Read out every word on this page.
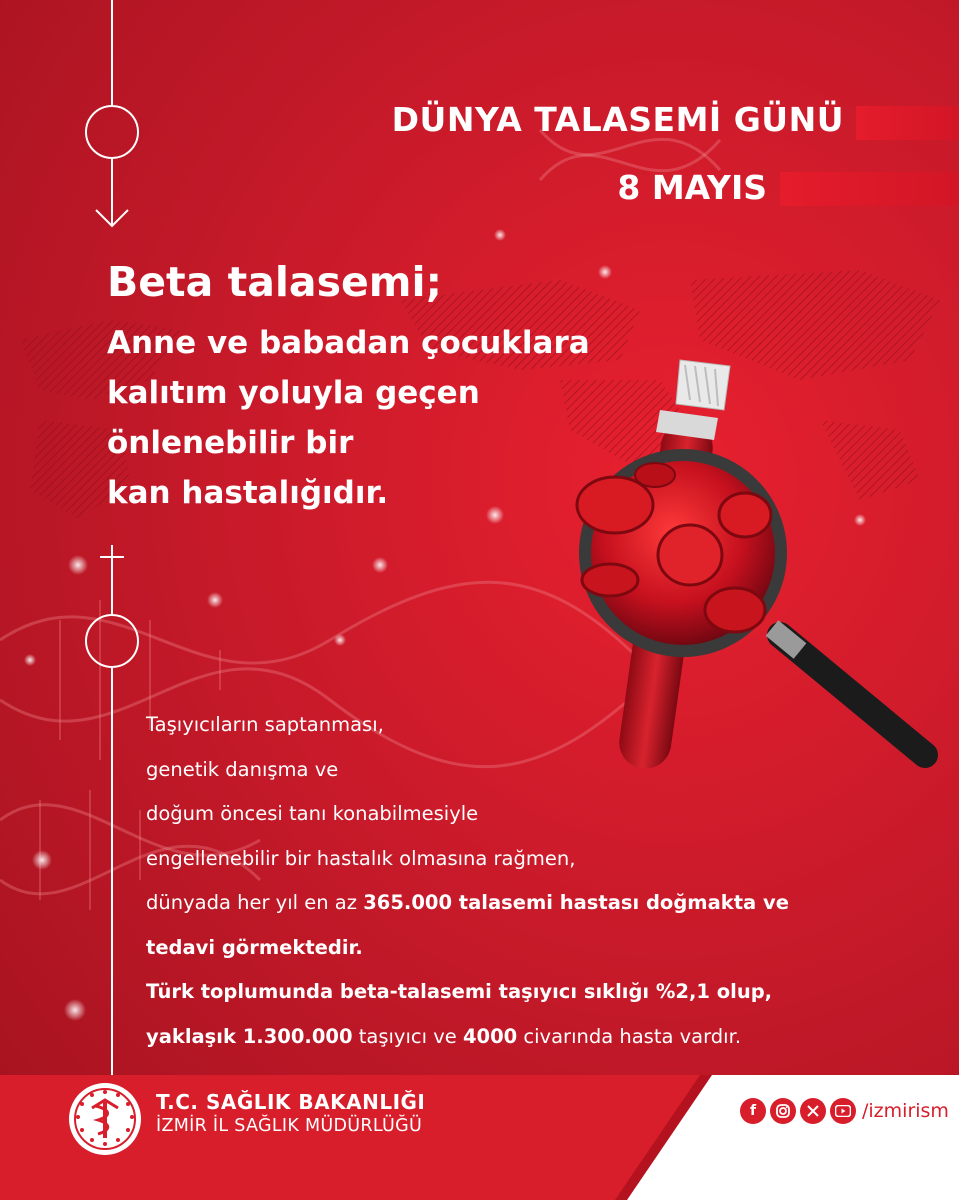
DÜNYA TALASEMİ GÜNÜ
8 MAYIS
Beta talasemi;
Anne ve babadan çocuklara
kalıtım yoluyla geçen
önlenebilir bir
kan hastalığıdır.
Taşıyıcıların saptanması,
genetik danışma ve
doğum öncesi tanı konabilmesiyle
engellenebilir bir hastalık olmasına rağmen,
dünyada her yıl en az 365.000 talasemi hastası doğmakta ve
tedavi görmektedir.
Türk toplumunda beta-talasemi taşıyıcı sıklığı %2,1 olup,
yaklaşık 1.300.000 taşıyıcı ve 4000 civarında hasta vardır.
T.C. SAĞLIK BAKANLIĞI
İZMİR İL SAĞLIK MÜDÜRLÜĞÜ
f	/izmirism
